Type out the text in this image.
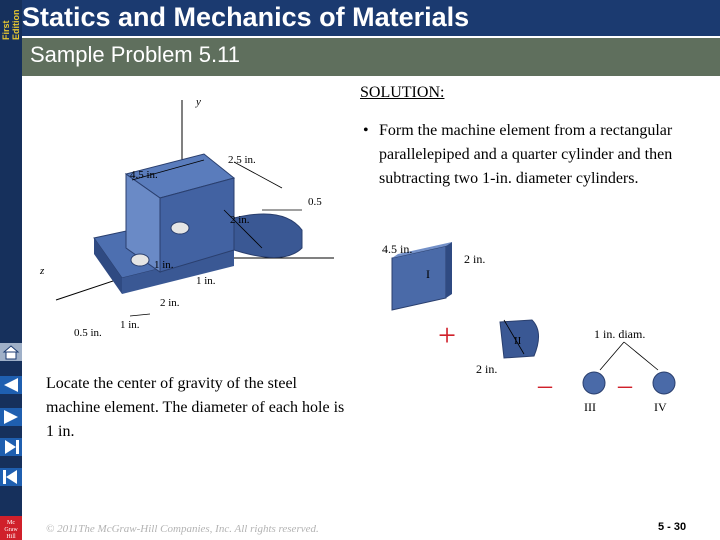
First Edition Statics and Mechanics of Materials
Sample Problem 5.11
Mc
Graw
Hill
y
z
2.5 in.
4.5 in.
0.5
2 in.
1 in.
1 in.
2 in.
1 in.
0.5 in.
4.5 in.
2 in.
I
+	II
2 in.
1 in. diam.
– –
III	IV
SOLUTION:
• Form the machine element from a rectangular parallelepiped and a quarter cylinder and then subtracting two 1-in. diameter cylinders.
Locate the center of gravity of the steel machine element. The diameter of each hole is 1 in.
© 2011The McGraw-Hill Companies, Inc. All rights reserved.	5 - 30
